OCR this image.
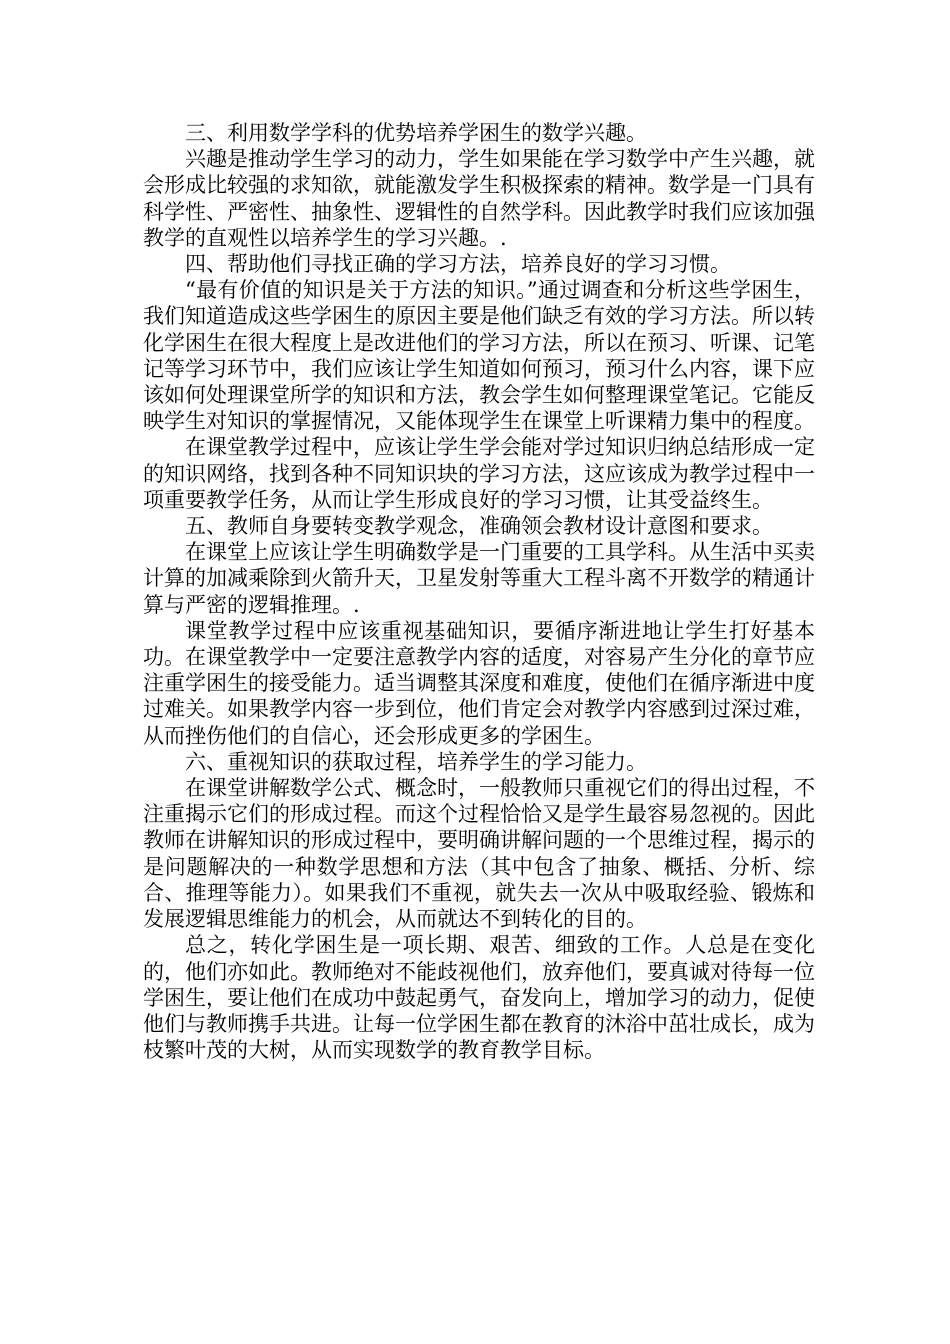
三、利用数学学科的优势培养学困生的数学兴趣。

兴趣是推动学生学习的动力，学生如果能在学习数学中产生兴趣，就会形成比较强的求知欲，就能激发学生积极探索的精神。数学是一门具有科学性、严密性、抽象性、逻辑性的自然学科。因此教学时我们应该加强教学的直观性以培养学生的学习兴趣。.

四、帮助他们寻找正确的学习方法，培养良好的学习习惯。

“最有价值的知识是关于方法的知识。”通过调查和分析这些学困生，我们知道造成这些学困生的原因主要是他们缺乏有效的学习方法。所以转化学困生在很大程度上是改进他们的学习方法，所以在预习、听课、记笔记等学习环节中，我们应该让学生知道如何预习，预习什么内容，课下应该如何处理课堂所学的知识和方法，教会学生如何整理课堂笔记。它能反映学生对知识的掌握情况，又能体现学生在课堂上听课精力集中的程度。

在课堂教学过程中，应该让学生学会能对学过知识归纳总结形成一定的知识网络，找到各种不同知识块的学习方法，这应该成为教学过程中一项重要教学任务，从而让学生形成良好的学习习惯，让其受益终生。

五、教师自身要转变教学观念，准确领会教材设计意图和要求。

在课堂上应该让学生明确数学是一门重要的工具学科。从生活中买卖计算的加减乘除到火箭升天，卫星发射等重大工程斗离不开数学的精通计算与严密的逻辑推理。.

课堂教学过程中应该重视基础知识，要循序渐进地让学生打好基本功。在课堂教学中一定要注意教学内容的适度，对容易产生分化的章节应注重学困生的接受能力。适当调整其深度和难度，使他们在循序渐进中度过难关。如果教学内容一步到位，他们肯定会对教学内容感到过深过难，从而挫伤他们的自信心，还会形成更多的学困生。

六、重视知识的获取过程，培养学生的学习能力。

在课堂讲解数学公式、概念时，一般教师只重视它们的得出过程，不注重揭示它们的形成过程。而这个过程恰恰又是学生最容易忽视的。因此教师在讲解知识的形成过程中，要明确讲解问题的一个思维过程，揭示的是问题解决的一种数学思想和方法（其中包含了抽象、概括、分析、综合、推理等能力）。如果我们不重视，就失去一次从中吸取经验、锻炼和发展逻辑思维能力的机会，从而就达不到转化的目的。

总之，转化学困生是一项长期、艰苦、细致的工作。人总是在变化的，他们亦如此。教师绝对不能歧视他们，放弃他们，要真诚对待每一位学困生，要让他们在成功中鼓起勇气，奋发向上，增加学习的动力，促使他们与教师携手共进。让每一位学困生都在教育的沐浴中茁壮成长，成为枝繁叶茂的大树，从而实现数学的教育教学目标。
